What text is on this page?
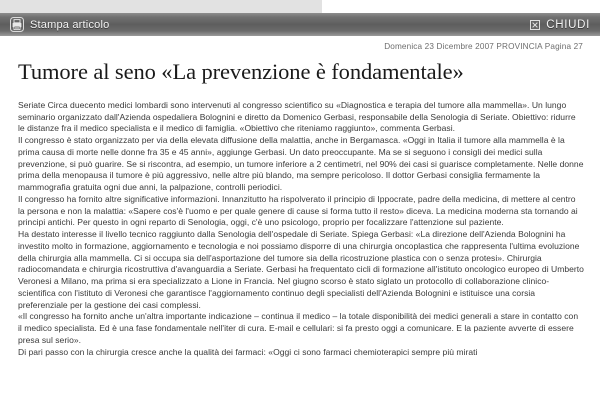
Stampa articolo	CHIUDI
Domenica 23 Dicembre 2007 PROVINCIA Pagina 27
Tumore al seno «La prevenzione è fondamentale»

Seriate Circa duecento medici lombardi sono intervenuti al congresso scientifico su «Diagnostica e terapia del tumore alla mammella». Un lungo seminario organizzato dall'Azienda ospedaliera Bolognini e diretto da Domenico Gerbasi, responsabile della Senologia di Seriate. Obiettivo: ridurre le distanze fra il medico specialista e il medico di famiglia. «Obiettivo che riteniamo raggiunto», commenta Gerbasi.

Il congresso è stato organizzato per via della elevata diffusione della malattia, anche in Bergamasca. «Oggi in Italia il tumore alla mammella è la prima causa di morte nelle donne fra 35 e 45 anni», aggiunge Gerbasi. Un dato preoccupante. Ma se si seguono i consigli dei medici sulla prevenzione, si può guarire. Se si riscontra, ad esempio, un tumore inferiore a 2 centimetri, nel 90% dei casi si guarisce completamente. Nelle donne prima della menopausa il tumore è più aggressivo, nelle altre più blando, ma sempre pericoloso. Il dottor Gerbasi consiglia fermamente la mammografia gratuita ogni due anni, la palpazione, controlli periodici.

Il congresso ha fornito altre significative informazioni. Innanzitutto ha rispolverato il principio di Ippocrate, padre della medicina, di mettere al centro la persona e non la malattia: «Sapere cos'è l'uomo e per quale genere di cause si forma tutto il resto» diceva. La medicina moderna sta tornando ai principi antichi. Per questo in ogni reparto di Senologia, oggi, c'è uno psicologo, proprio per focalizzare l'attenzione sul paziente.

Ha destato interesse il livello tecnico raggiunto dalla Senologia dell'ospedale di Seriate. Spiega Gerbasi: «La direzione dell'Azienda Bolognini ha investito molto in formazione, aggiornamento e tecnologia e noi possiamo disporre di una chirurgia oncoplastica che rappresenta l'ultima evoluzione della chirurgia alla mammella. Ci si occupa sia dell'asportazione del tumore sia della ricostruzione plastica con o senza protesi». Chirurgia radiocomandata e chirurgia ricostruttiva d'avanguardia a Seriate. Gerbasi ha frequentato cicli di formazione all'istituto oncologico europeo di Umberto Veronesi a Milano, ma prima si era specializzato a Lione in Francia. Nel giugno scorso è stato siglato un protocollo di collaborazione clinico-scientifica con l'istituto di Veronesi che garantisce l'aggiornamento continuo degli specialisti dell'Azienda Bolognini e istituisce una corsia preferenziale per la gestione dei casi complessi.

«Il congresso ha fornito anche un'altra importante indicazione – continua il medico – la totale disponibilità dei medici generali a stare in contatto con il medico specialista. Ed è una fase fondamentale nell'iter di cura. E-mail e cellulari: si fa presto oggi a comunicare. E la paziente avverte di essere presa sul serio».

Di pari passo con la chirurgia cresce anche la qualità dei farmaci: «Oggi ci sono farmaci chemioterapici sempre più mirati
